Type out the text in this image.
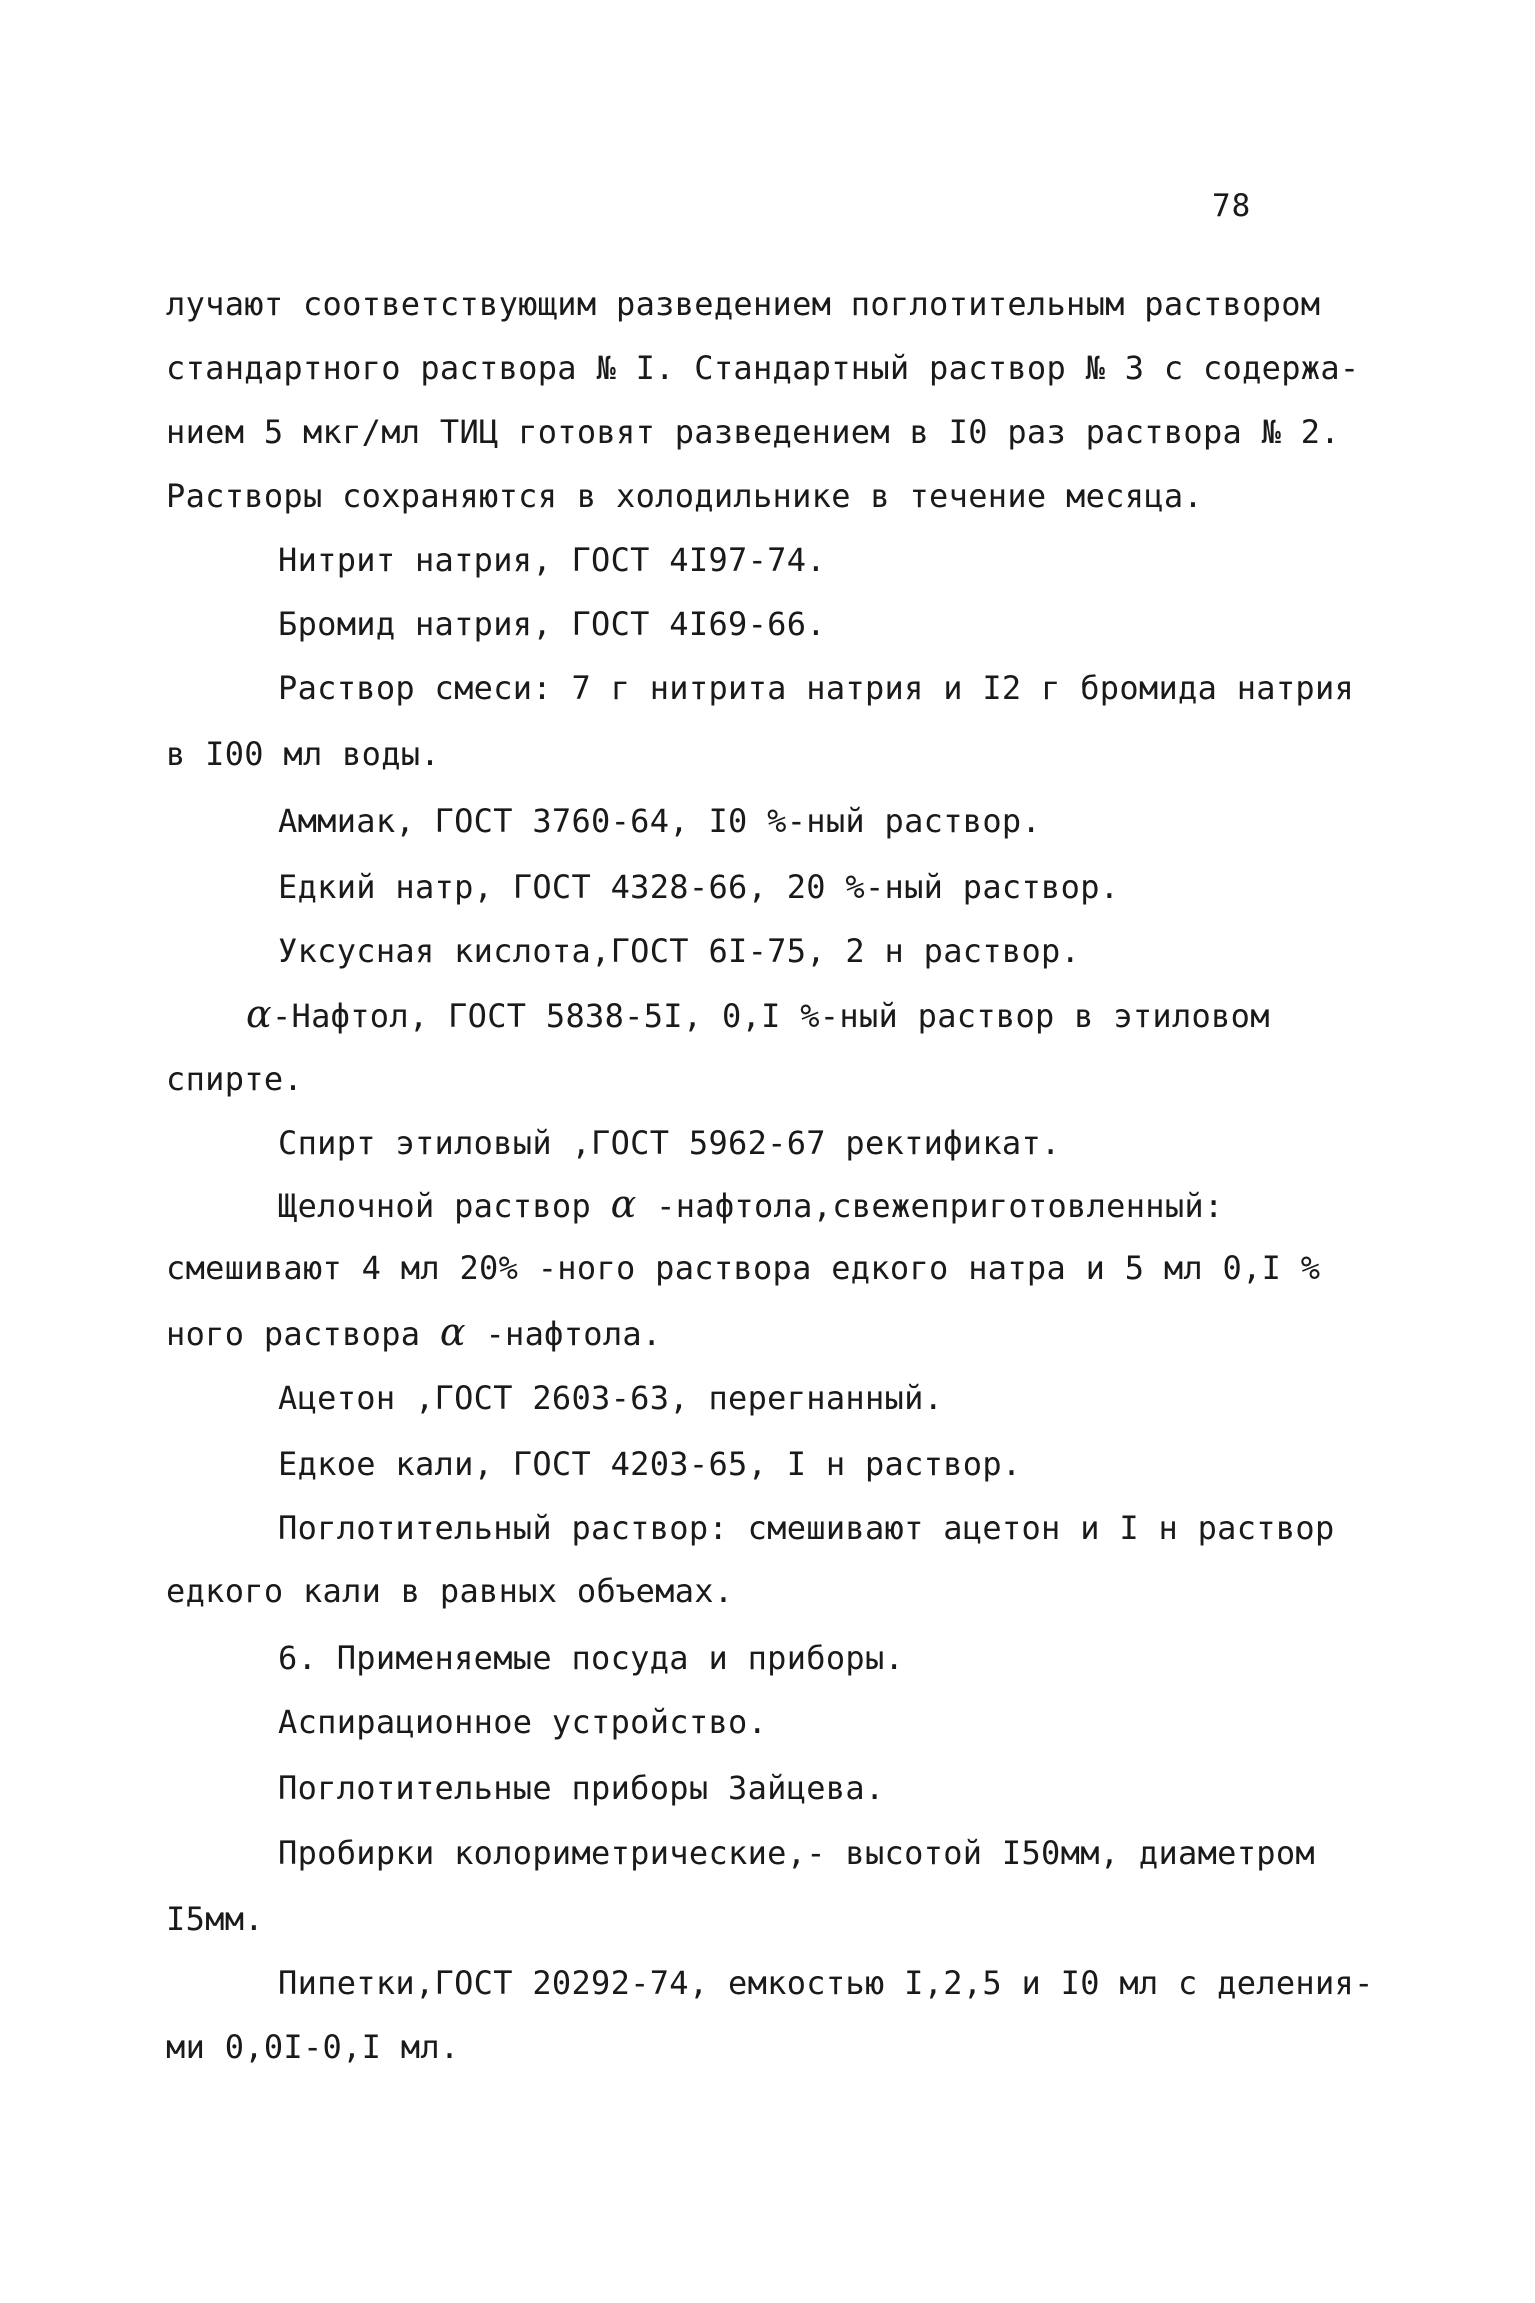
78
лучают соответствующим разведением поглотительным раствором
стандартного раствора № I. Стандартный раствор № 3 с содержа-
нием 5 мкг/мл ТИЦ готовят разведением в I0 раз раствора № 2.
Растворы сохраняются в холодильнике в течение месяца.
Нитрит натрия, ГОСТ 4I97-74.
Бромид натрия, ГОСТ 4I69-66.
Раствор смеси: 7 г нитрита натрия и I2 г бромида натрия
в I00 мл воды.
Аммиак, ГОСТ 3760-64, I0 %-ный раствор.
Едкий натр, ГОСТ 4328-66, 20 %-ный раствор.
Уксусная кислота,ГОСТ 6I-75, 2 н раствор.
α-Нафтол, ГОСТ 5838-5I, 0,I %-ный раствор в этиловом
спирте.
Спирт этиловый ,ГОСТ 5962-67 ректификат.
Щелочной раствор α -нафтола,свежеприготовленный:
смешивают 4 мл 20% -ного раствора едкого натра и 5 мл 0,I %
ного раствора α -нафтола.
Ацетон ,ГОСТ 2603-63, перегнанный.
Едкое кали, ГОСТ 4203-65, I н раствор.
Поглотительный раствор: смешивают ацетон и I н раствор
едкого кали в равных объемах.
6. Применяемые посуда и приборы.
Аспирационное устройство.
Поглотительные приборы Зайцева.
Пробирки колориметрические,- высотой I50мм, диаметром
I5мм.
Пипетки,ГОСТ 20292-74, емкостью I,2,5 и I0 мл с деления-
ми 0,0I-0,I мл.
